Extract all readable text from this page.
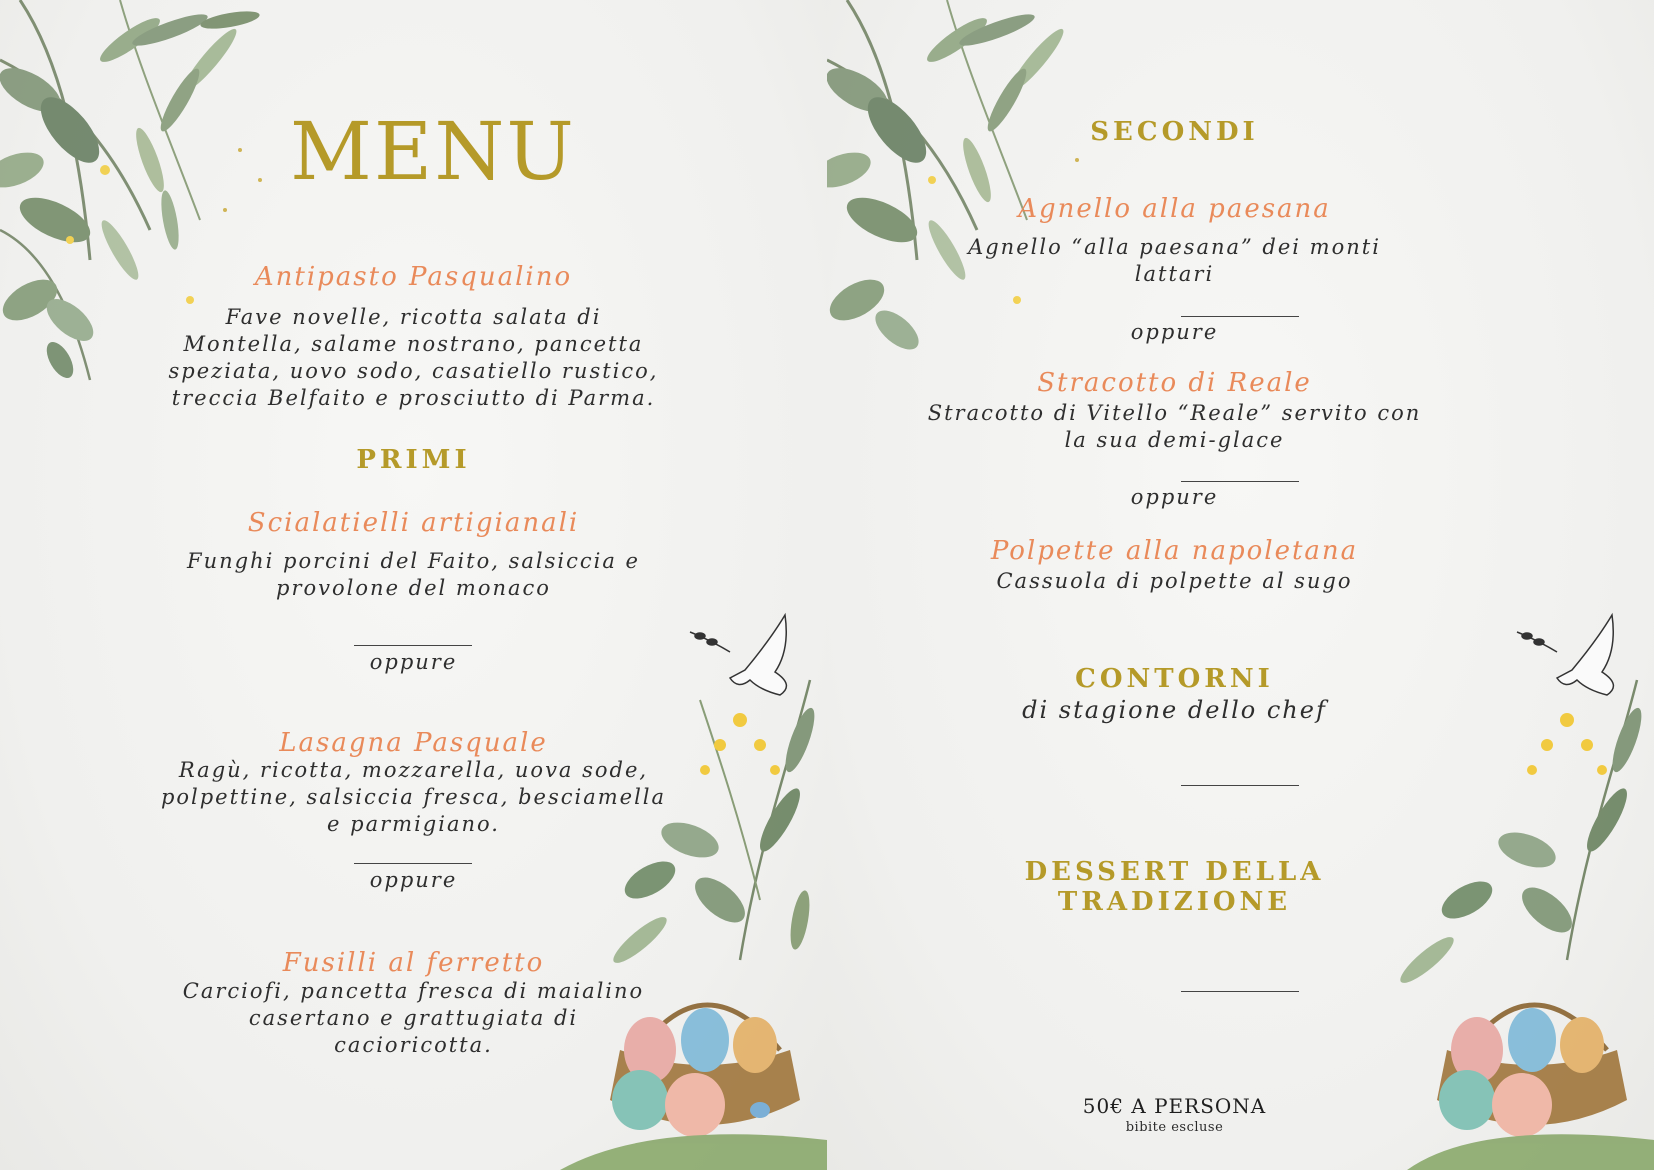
MENU

Antipasto Pasqualino

Fave novelle, ricotta salata di
Montella, salame nostrano, pancetta
speziata, uovo sodo, casatiello rustico,
treccia Belfaito e prosciutto di Parma.

PRIMI

Scialatielli artigianali

Funghi porcini del Faito, salsiccia e
provolone del monaco

oppure

Lasagna Pasquale

Ragù, ricotta, mozzarella, uova sode,
polpettine, salsiccia fresca, besciamella
e parmigiano.

oppure

Fusilli al ferretto

Carciofi, pancetta fresca di maialino
casertano e grattugiata di
cacioricotta.

SECONDI

Agnello alla paesana

Agnello “alla paesana” dei monti
lattari

oppure

Stracotto di Reale

Stracotto di Vitello “Reale” servito con
la sua demi-glace

oppure

Polpette alla napoletana

Cassuola di polpette al sugo

CONTORNI

di stagione dello chef

DESSERT DELLA
TRADIZIONE

50€ A PERSONA

bibite escluse
